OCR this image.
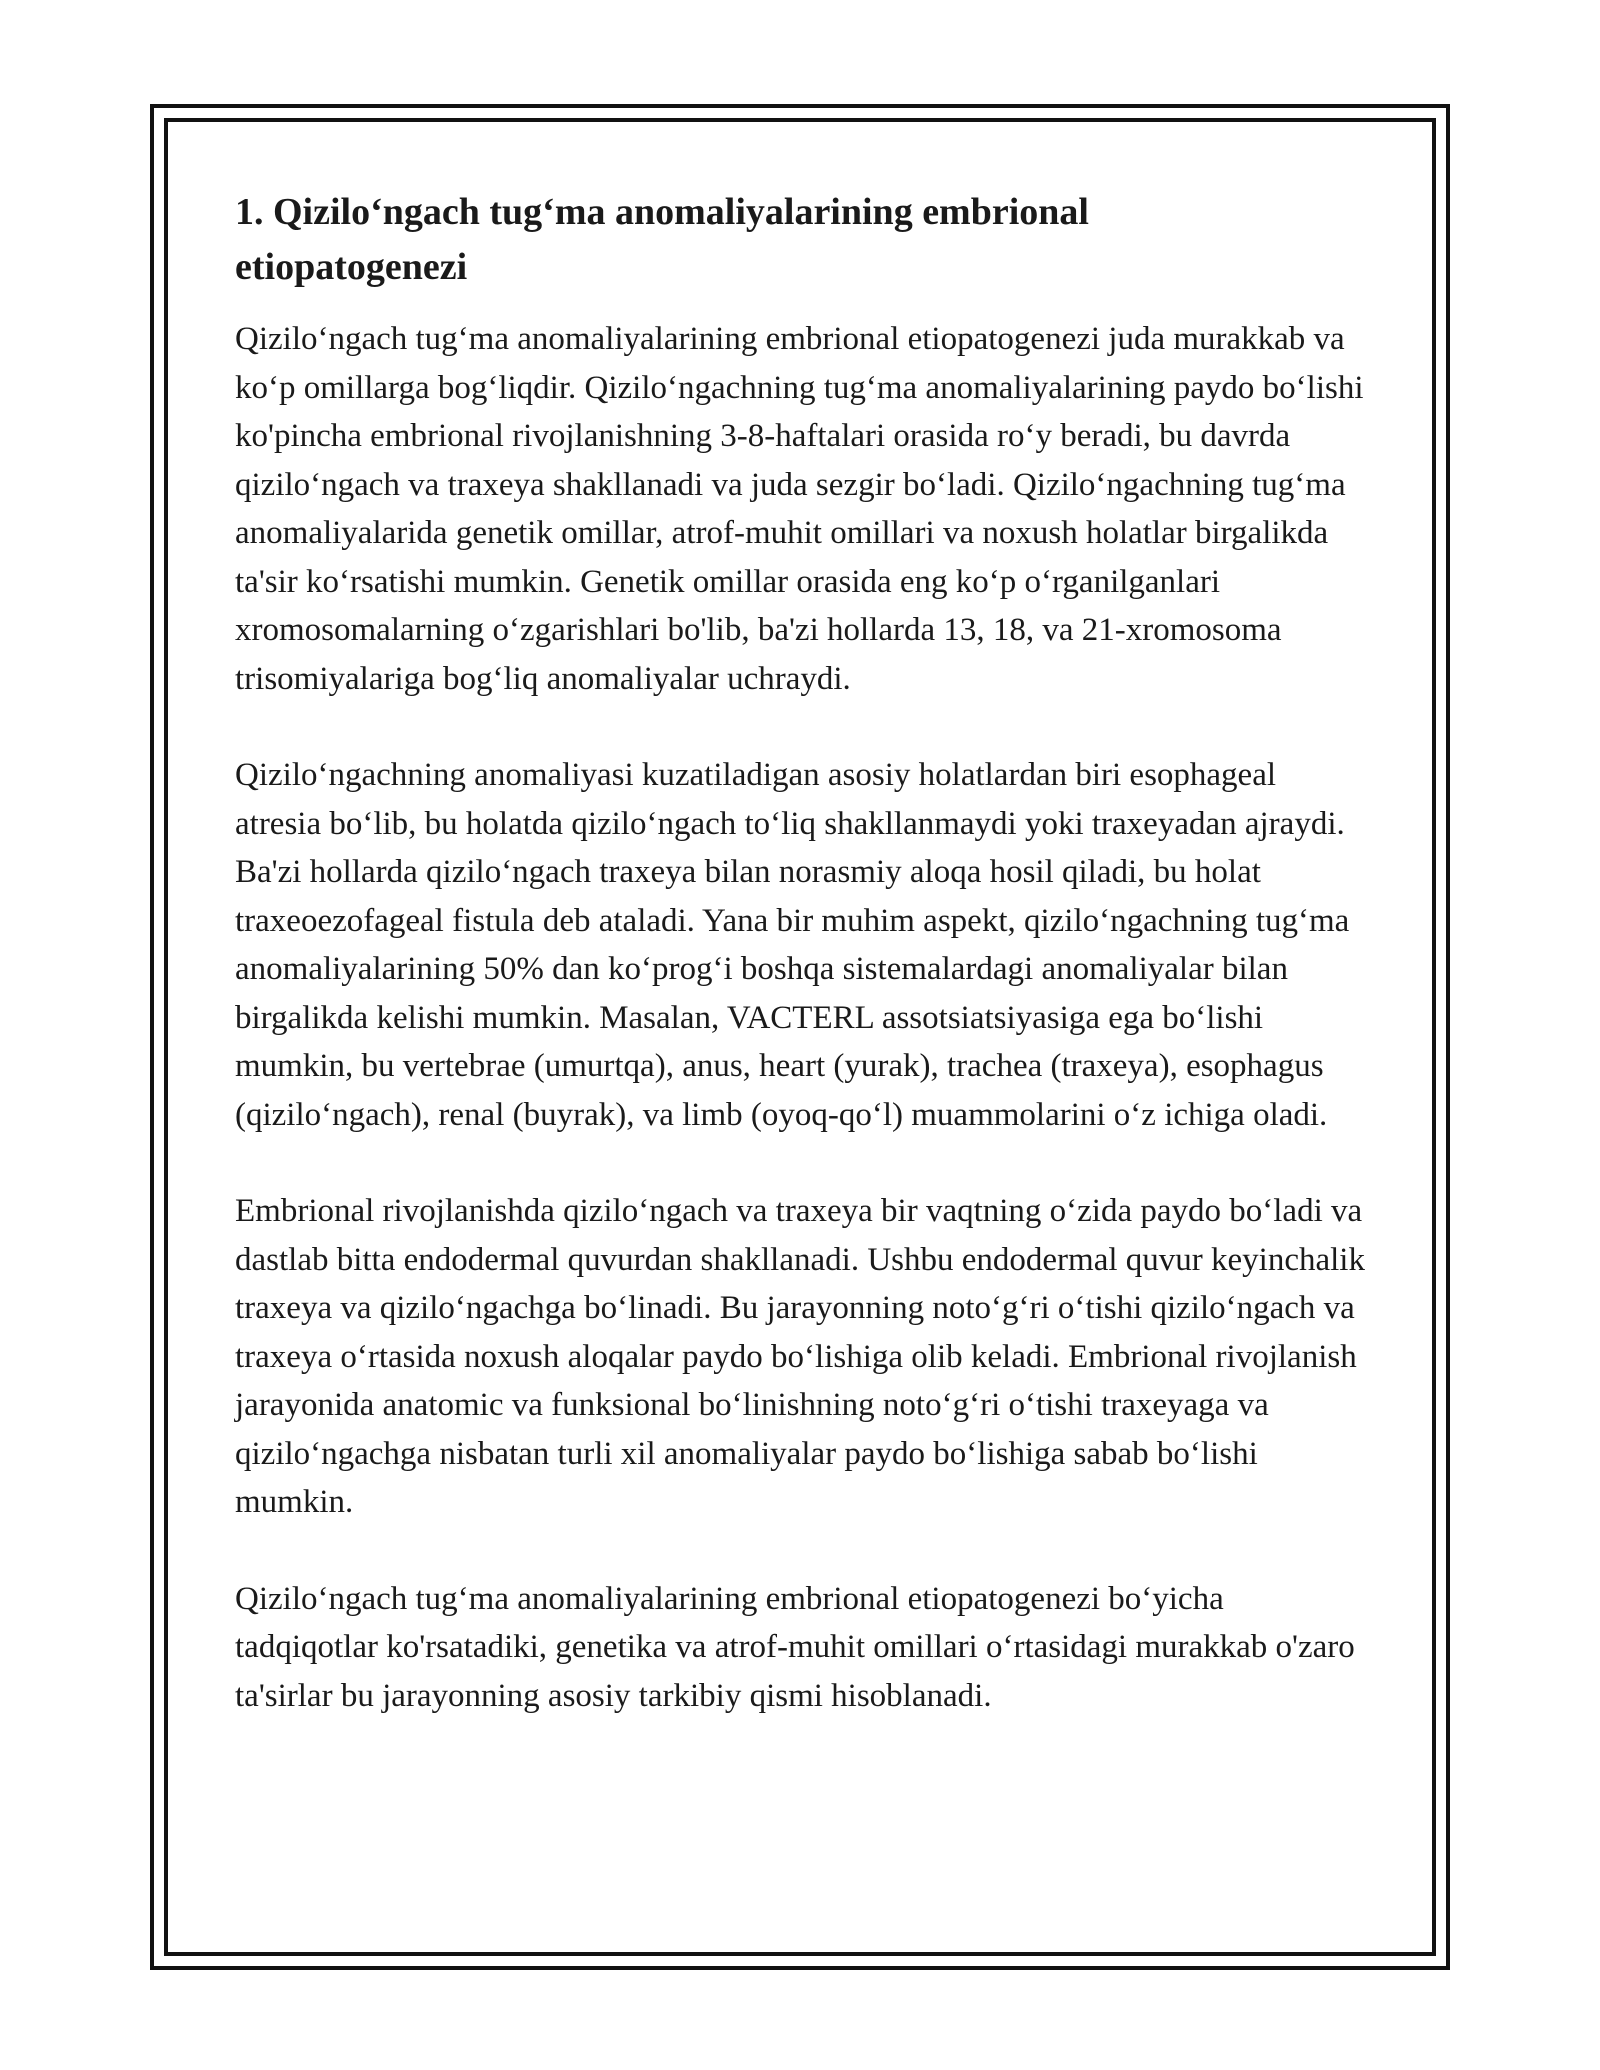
1. Qizilo‘ngach tug‘ma anomaliyalarining embrional etiopatogenezi

Qizilo‘ngach tug‘ma anomaliyalarining embrional etiopatogenezi juda murakkab va ko‘p omillarga bog‘liqdir. Qizilo‘ngachning tug‘ma anomaliyalarining paydo bo‘lishi ko'pincha embrional rivojlanishning 3-8-haftalari orasida ro‘y beradi, bu davrda qizilo‘ngach va traxeya shakllanadi va juda sezgir bo‘ladi. Qizilo‘ngachning tug‘ma anomaliyalarida genetik omillar, atrof-muhit omillari va noxush holatlar birgalikda ta'sir ko‘rsatishi mumkin. Genetik omillar orasida eng ko‘p o‘rganilganlari xromosomalarning o‘zgarishlari bo'lib, ba'zi hollarda 13, 18, va 21-xromosoma trisomiyalariga bog‘liq anomaliyalar uchraydi.

Qizilo‘ngachning anomaliyasi kuzatiladigan asosiy holatlardan biri esophageal atresia bo‘lib, bu holatda qizilo‘ngach to‘liq shakllanmaydi yoki traxeyadan ajraydi. Ba'zi hollarda qizilo‘ngach traxeya bilan norasmiy aloqa hosil qiladi, bu holat traxeoezofageal fistula deb ataladi. Yana bir muhim aspekt, qizilo‘ngachning tug‘ma anomaliyalarining 50% dan ko‘prog‘i boshqa sistemalardagi anomaliyalar bilan birgalikda kelishi mumkin. Masalan, VACTERL assotsiatsiyasiga ega bo‘lishi mumkin, bu vertebrae (umurtqa), anus, heart (yurak), trachea (traxeya), esophagus (qizilo‘ngach), renal (buyrak), va limb (oyoq-qo‘l) muammolarini o‘z ichiga oladi.

Embrional rivojlanishda qizilo‘ngach va traxeya bir vaqtning o‘zida paydo bo‘ladi va dastlab bitta endodermal quvurdan shakllanadi. Ushbu endodermal quvur keyinchalik traxeya va qizilo‘ngachga bo‘linadi. Bu jarayonning noto‘g‘ri o‘tishi qizilo‘ngach va traxeya o‘rtasida noxush aloqalar paydo bo‘lishiga olib keladi. Embrional rivojlanish jarayonida anatomic va funksional bo‘linishning noto‘g‘ri o‘tishi traxeyaga va qizilo‘ngachga nisbatan turli xil anomaliyalar paydo bo‘lishiga sabab bo‘lishi mumkin.

Qizilo‘ngach tug‘ma anomaliyalarining embrional etiopatogenezi bo‘yicha tadqiqotlar ko'rsatadiki, genetika va atrof-muhit omillari o‘rtasidagi murakkab o'zaro ta'sirlar bu jarayonning asosiy tarkibiy qismi hisoblanadi.
